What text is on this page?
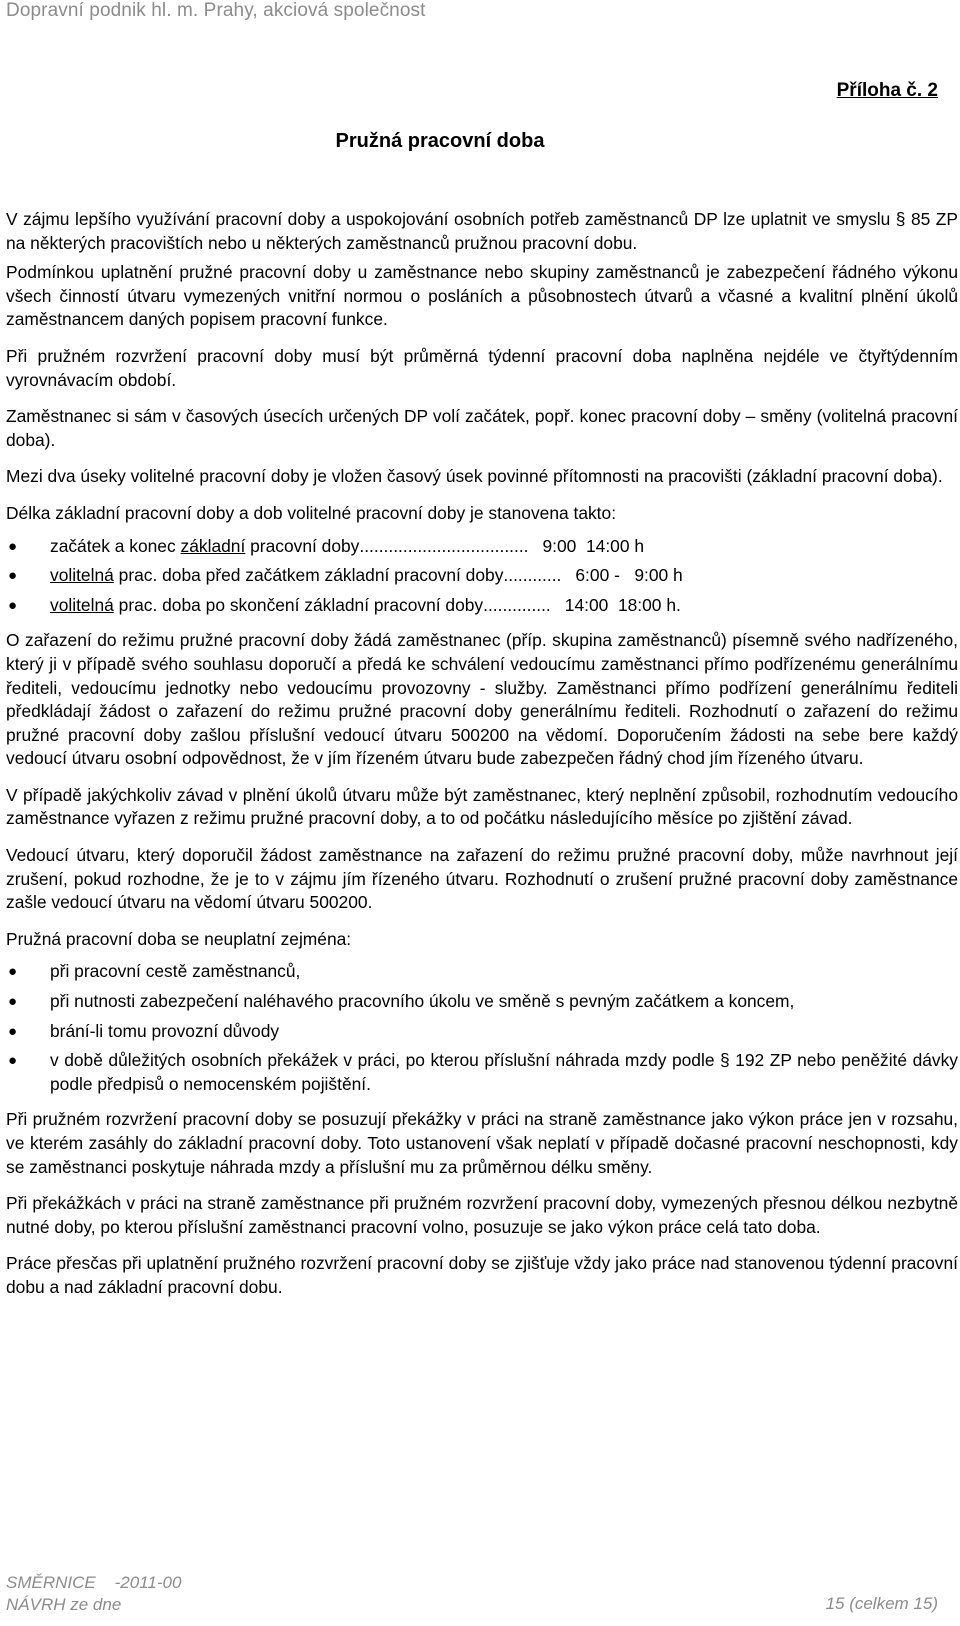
Dopravní podnik hl. m. Prahy, akciová společnost
Příloha č. 2
Pružná pracovní doba

V zájmu lepšího využívání pracovní doby a uspokojování osobních potřeb zaměstnanců DP lze uplatnit ve smyslu § 85 ZP na některých pracovištích nebo u některých zaměstnanců pružnou pracovní dobu.

Podmínkou uplatnění pružné pracovní doby u zaměstnance nebo skupiny zaměstnanců je zabezpečení řádného výkonu všech činností útvaru vymezených vnitřní normou o posláních a působnostech útvarů a včasné a kvalitní plnění úkolů zaměstnancem daných popisem pracovní funkce.

Při pružném rozvržení pracovní doby musí být průměrná týdenní pracovní doba naplněna nejdéle ve čtyřtýdenním vyrovnávacím období.

Zaměstnanec si sám v časových úsecích určených DP volí začátek, popř. konec pracovní doby – směny (volitelná pracovní doba).

Mezi dva úseky volitelné pracovní doby je vložen časový úsek povinné přítomnosti na pracovišti (základní pracovní doba).

Délka základní pracovní doby a dob volitelné pracovní doby je stanovena takto:

● začátek a konec základní pracovní doby ................................... 9:00  14:00 h
● volitelná prac. doba před začátkem základní pracovní doby ............ 6:00 -   9:00 h
● volitelná prac. doba po skončení základní pracovní doby .............. 14:00  18:00 h.

O zařazení do režimu pružné pracovní doby žádá zaměstnanec (příp. skupina zaměstnanců) písemně svého nadřízeného, který ji v případě svého souhlasu doporučí a předá ke schválení vedoucímu zaměstnanci přímo podřízenému generálnímu řediteli, vedoucímu jednotky nebo vedoucímu provozovny - služby. Zaměstnanci přímo podřízení generálnímu řediteli předkládají žádost o zařazení do režimu pružné pracovní doby generálnímu řediteli. Rozhodnutí o zařazení do režimu pružné pracovní doby zašlou příslušní vedoucí útvaru 500200 na vědomí. Doporučením žádosti na sebe bere každý vedoucí útvaru osobní odpovědnost, že v jím řízeném útvaru bude zabezpečen řádný chod jím řízeného útvaru.

V případě jakýchkoliv závad v plnění úkolů útvaru může být zaměstnanec, který neplnění způsobil, rozhodnutím vedoucího zaměstnance vyřazen z režimu pružné pracovní doby, a to od počátku následujícího měsíce po zjištění závad.

Vedoucí útvaru, který doporučil žádost zaměstnance na zařazení do režimu pružné pracovní doby, může navrhnout její zrušení, pokud rozhodne, že je to v zájmu jím řízeného útvaru. Rozhodnutí o zrušení pružné pracovní doby zaměstnance zašle vedoucí útvaru na vědomí útvaru 500200.

Pružná pracovní doba se neuplatní zejména:

● při pracovní cestě zaměstnanců,
● při nutnosti zabezpečení naléhavého pracovního úkolu ve směně s pevným začátkem a koncem,
● brání-li tomu provozní důvody
● v době důležitých osobních překážek v práci, po kterou příslušní náhrada mzdy podle § 192 ZP nebo peněžité dávky podle předpisů o nemocenském pojištění.

Při pružném rozvržení pracovní doby se posuzují překážky v práci na straně zaměstnance jako výkon práce jen v rozsahu, ve kterém zasáhly do základní pracovní doby. Toto ustanovení však neplatí v případě dočasné pracovní neschopnosti, kdy se zaměstnanci poskytuje náhrada mzdy a příslušní mu za průměrnou délku směny.

Při překážkách v práci na straně zaměstnance při pružném rozvržení pracovní doby, vymezených přesnou délkou nezbytně nutné doby, po kterou příslušní zaměstnanci pracovní volno, posuzuje se jako výkon práce celá tato doba.

Práce přesčas při uplatnění pružného rozvržení pracovní doby se zjišťuje vždy jako práce nad stanovenou týdenní pracovní dobu a nad základní pracovní dobu.

SMĚRNICE    -2011-00
NÁVRH ze dne	15 (celkem 15)
